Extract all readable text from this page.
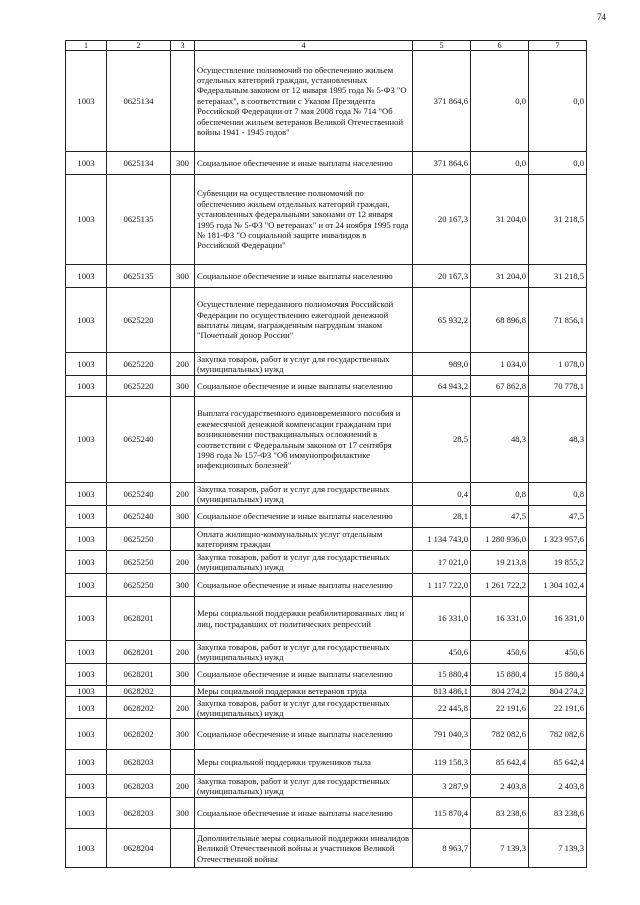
74
1	2	3	4	5	6	7
1003	0625134		Осуществление полномочий по обеспечению жильем отдельных категорий граждан, установленных Федеральным законом от 12 января 1995 года № 5-ФЗ "О ветеранах", в соответствии с Указом Президента Российской Федерации от 7 мая 2008 года № 714 "Об обеспечении жильем ветеранов Великой Отечественной войны 1941 - 1945 годов"	371 864,6	0,0	0,0
1003	0625134	300	Социальное обеспечение и иные выплаты населению	371 864,6	0,0	0,0
1003	0625135		Субвенции на осуществление полномочий по обеспечению жильем отдельных категорий граждан, установленных федеральными законами от 12 января 1995 года № 5-ФЗ "О ветеранах" и от 24 ноября 1995 года № 181-ФЗ "О социальной защите инвалидов в Российской Федерации"	20 167,3	31 204,0	31 218,5
1003	0625135	300	Социальное обеспечение и иные выплаты населению	20 167,3	31 204,0	31 218,5
1003	0625220		Осуществление переданного полномочия Российской Федерации по осуществлению ежегодной денежной выплаты лицам, награжденным нагрудным знаком "Почетный донор России"	65 932,2	68 896,8	71 856,1
1003	0625220	200	Закупка товаров, работ и услуг для государственных (муниципальных) нужд	989,0	1 034,0	1 078,0
1003	0625220	300	Социальное обеспечение и иные выплаты населению	64 943,2	67 862,8	70 778,1
1003	0625240		Выплата государственного единовременного пособия и ежемесячной денежной компенсации гражданам при возникновении поствакцинальных осложнений в соответствии с Федеральным законом от 17 сентября 1998 года № 157-ФЗ "Об иммунопрофилактике инфекционных болезней"	28,5	48,3	48,3
1003	0625240	200	Закупка товаров, работ и услуг для государственных (муниципальных) нужд	0,4	0,8	0,8
1003	0625240	300	Социальное обеспечение и иные выплаты населению	28,1	47,5	47,5
1003	0625250		Оплата жилищно-коммунальных услуг отдельным категориям граждан	1 134 743,0	1 280 936,0	1 323 957,6
1003	0625250	200	Закупка товаров, работ и услуг для государственных (муниципальных) нужд	17 021,0	19 213,8	19 855,2
1003	0625250	300	Социальное обеспечение и иные выплаты населению	1 117 722,0	1 261 722,2	1 304 102,4
1003	0628201		Меры социальной поддержки реабилитированных лиц и лиц, пострадавших от политических репрессий	16 331,0	16 331,0	16 331,0
1003	0628201	200	Закупка товаров, работ и услуг для государственных (муниципальных) нужд	450,6	450,6	450,6
1003	0628201	300	Социальное обеспечение и иные выплаты населению	15 880,4	15 880,4	15 880,4
1003	0628202		Меры социальной поддержки ветеранов труда	813 486,1	804 274,2	804 274,2
1003	0628202	200	Закупка товаров, работ и услуг для государственных (муниципальных) нужд	22 445,8	22 191,6	22 191,6
1003	0628202	300	Социальное обеспечение и иные выплаты населению	791 040,3	782 082,6	782 082,6
1003	0628203		Меры социальной поддержки тружеников тыла	119 158,3	85 642,4	85 642,4
1003	0628203	200	Закупка товаров, работ и услуг для государственных (муниципальных) нужд	3 287,9	2 403,8	2 403,8
1003	0628203	300	Социальное обеспечение и иные выплаты населению	115 870,4	83 238,6	83 238,6
1003	0628204		Дополнительные меры социальной поддержки инвалидов Великой Отечественной войны и участников Великой Отечественной войны	8 963,7	7 139,3	7 139,3
